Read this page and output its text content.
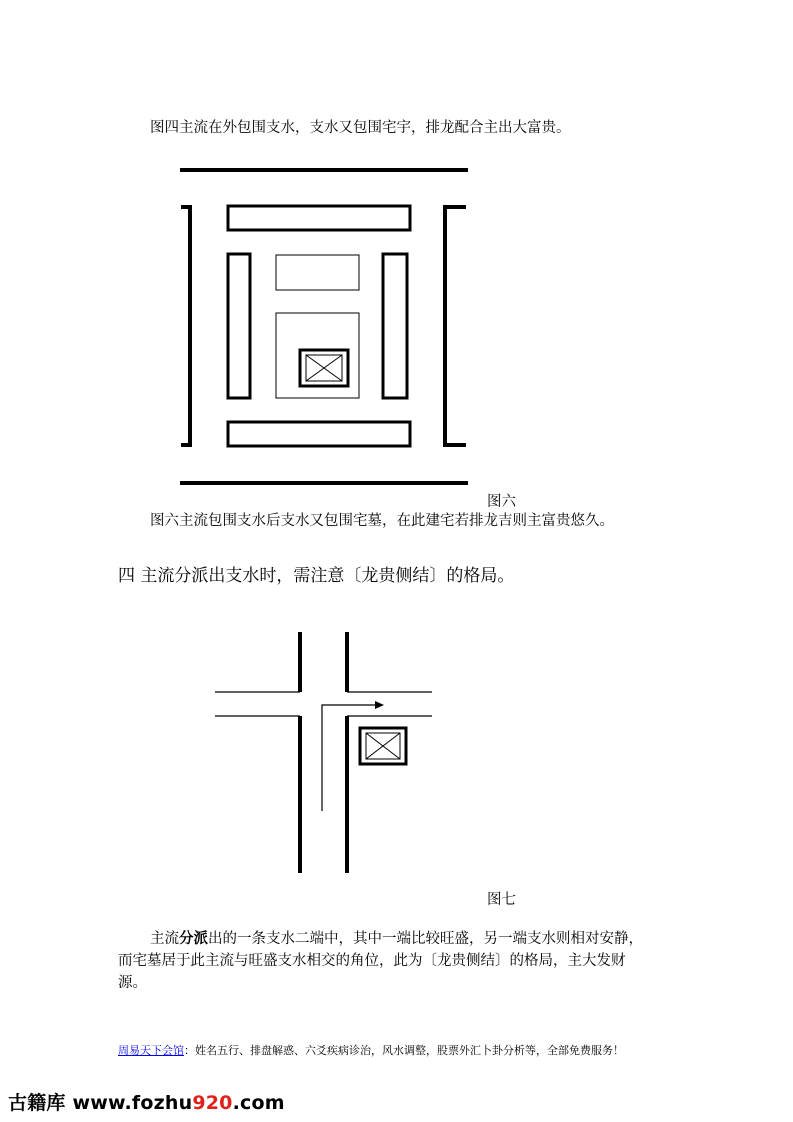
图四主流在外包围支水，支水又包围宅宇，排龙配合主出大富贵。
图六
图六主流包围支水后支水又包围宅墓，在此建宅若排龙吉则主富贵悠久。
四 主流分派出支水时，需注意〔龙贵侧结〕的格局。
图七
主流分派出的一条支水二端中，其中一端比较旺盛，另一端支水则相对安静，
而宅墓居于此主流与旺盛支水相交的角位，此为〔龙贵侧结〕的格局，主大发财
源。
周易天下会馆：姓名五行、排盘解惑、六爻疾病诊治，风水调整，股票外汇卜卦分析等，全部免费服务！
古籍库 www.fozhu920.com
